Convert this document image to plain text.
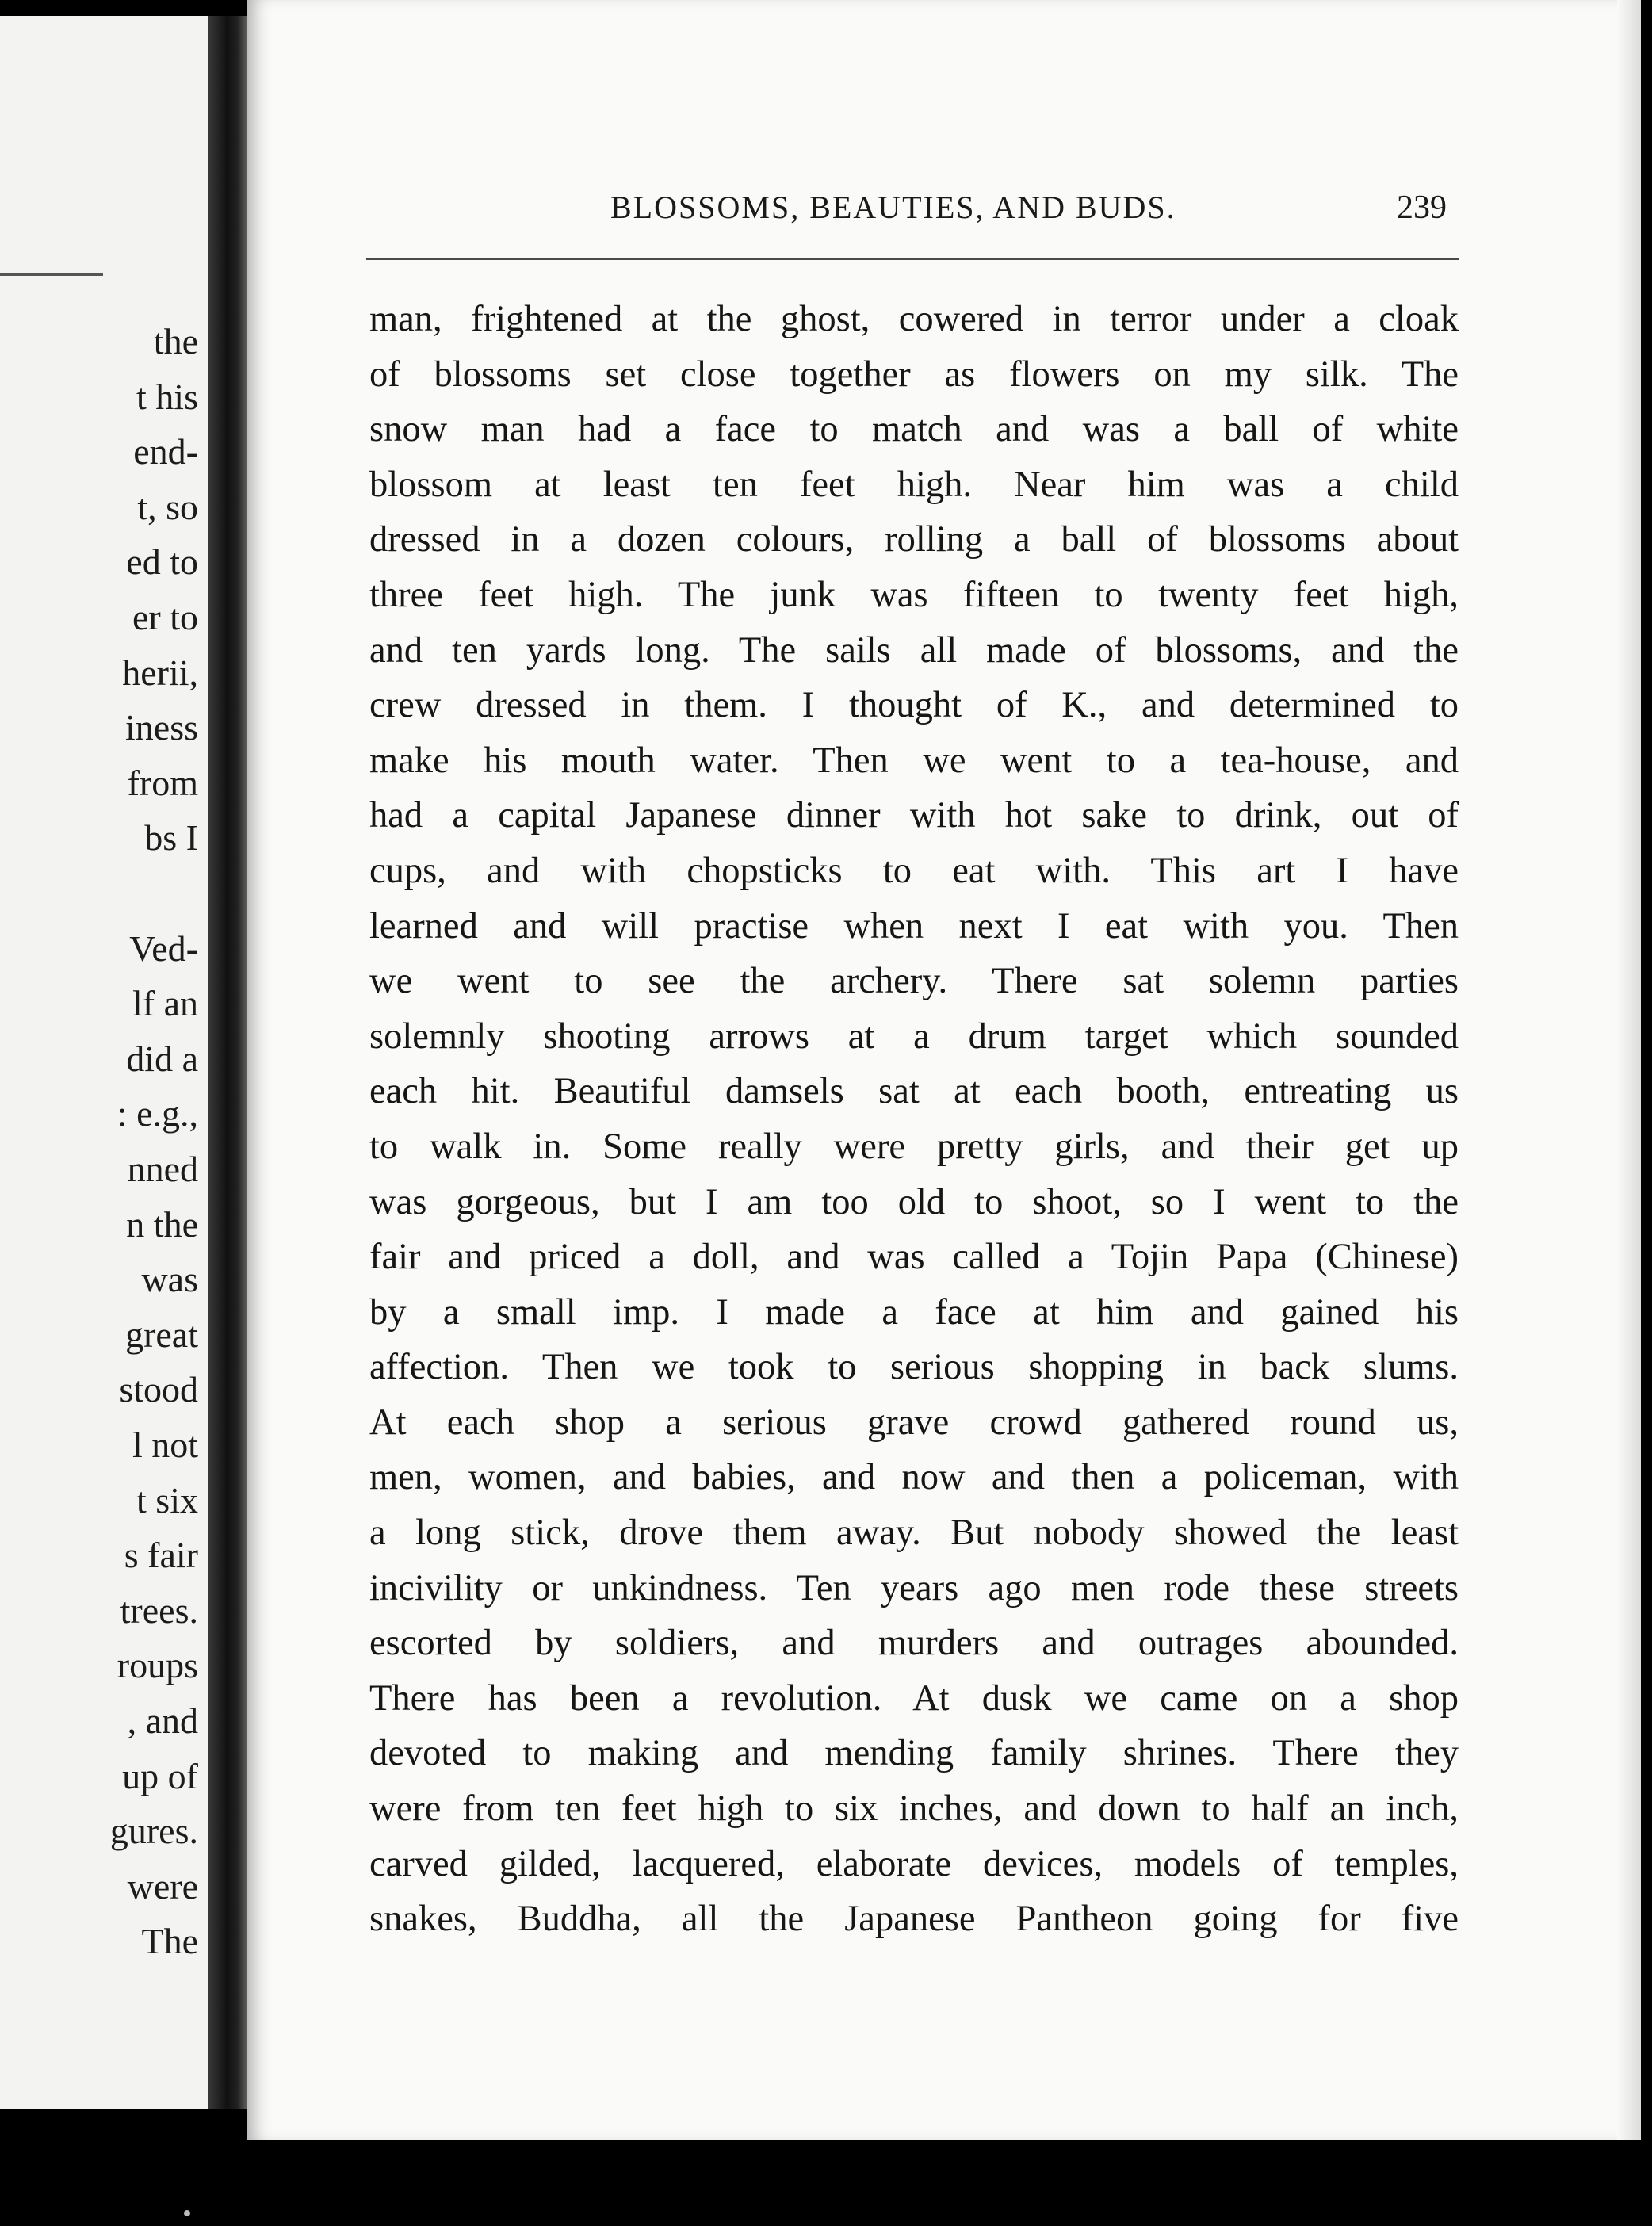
the
t his
end-
t, so
ed to
er to
herii,
iness
from
bs I
Ved-
lf an
did a
: e.g.,
nned
n the
was
great
stood
l not
t six
s fair
trees.
roups
, and
up of
gures.
were
The
BLOSSOMS, BEAUTIES, AND BUDS.	239
man, frightened at the ghost, cowered in terror under a cloak
of blossoms set close together as flowers on my silk. The
snow man had a face to match and was a ball of white
blossom at least ten feet high. Near him was a child
dressed in a dozen colours, rolling a ball of blossoms about
three feet high. The junk was fifteen to twenty feet high,
and ten yards long. The sails all made of blossoms, and the
crew dressed in them. I thought of K., and determined to
make his mouth water. Then we went to a tea-house, and
had a capital Japanese dinner with hot sake to drink, out of
cups, and with chopsticks to eat with. This art I have
learned and will practise when next I eat with you. Then
we went to see the archery. There sat solemn parties
solemnly shooting arrows at a drum target which sounded
each hit. Beautiful damsels sat at each booth, entreating us
to walk in. Some really were pretty girls, and their get up
was gorgeous, but I am too old to shoot, so I went to the
fair and priced a doll, and was called a Tojin Papa (Chinese)
by a small imp. I made a face at him and gained his
affection. Then we took to serious shopping in back slums.
At each shop a serious grave crowd gathered round us,
men, women, and babies, and now and then a policeman, with
a long stick, drove them away. But nobody showed the least
incivility or unkindness. Ten years ago men rode these streets
escorted by soldiers, and murders and outrages abounded.
There has been a revolution. At dusk we came on a shop
devoted to making and mending family shrines. There they
were from ten feet high to six inches, and down to half an inch,
carved gilded, lacquered, elaborate devices, models of temples,
snakes, Buddha, all the Japanese Pantheon going for five
